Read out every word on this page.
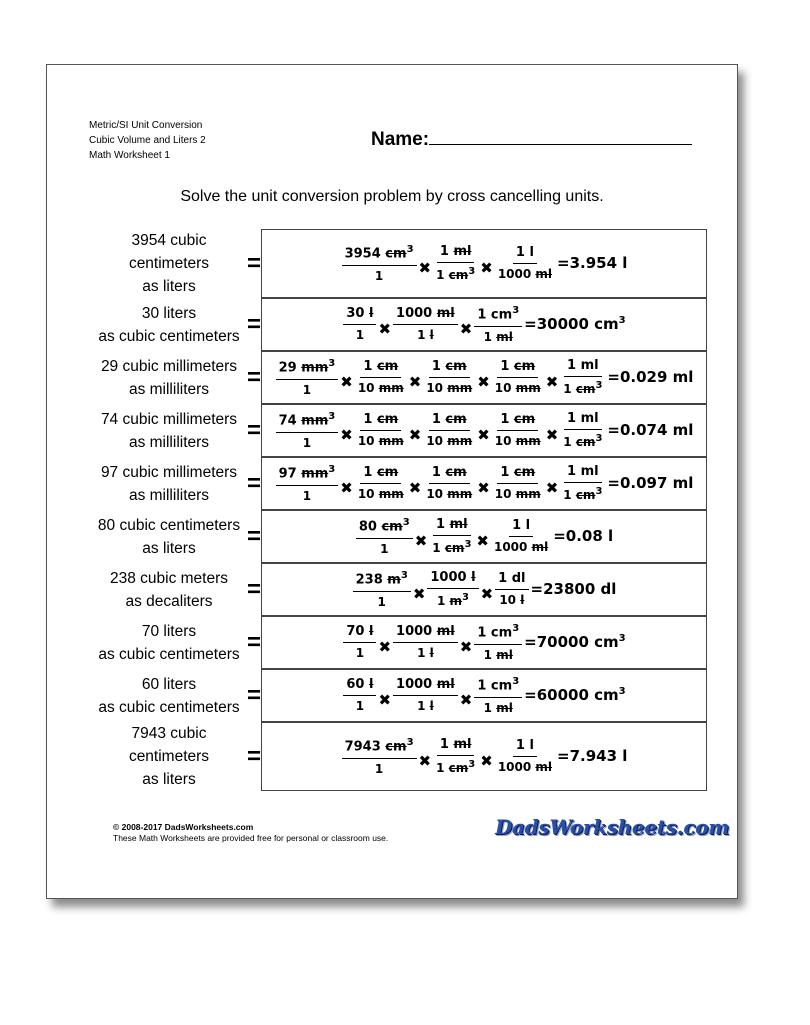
Metric/SI Unit Conversion
Cubic Volume and Liters 2
Math Worksheet 1
Name:
Solve the unit conversion problem by cross cancelling units.
3954 cubic
centimeters
as liters
=	$\frac{3954 cm^3}{1}$ ✖ $\frac{1 ml}{1 cm^3}$ ✖ $\frac{1 l}{1000 ml} =3.954$ l
30 liters
as cubic centimeters =	$\frac{30 l}{1}$ ✖ $\frac{1000 ml}{1 l}$ ✖ $\frac{1 cm^3}{1 ml} =30000$ $cm^3$
29 cubic millimeters
as milliliters =	$\frac{29 mm^3}{1}$ ✖ $\frac{1 cm}{10 mm}$ ✖ $\frac{1 cm}{10 mm}$ ✖ $\frac{1 cm}{10 mm}$ ✖ $\frac{1 ml}{1 cm^3} =0.029$ ml
74 cubic millimeters
as milliliters =	$\frac{74 mm^3}{1}$ ✖ $\frac{1 cm}{10 mm}$ ✖ $\frac{1 cm}{10 mm}$ ✖ $\frac{1 cm}{10 mm}$ ✖ $\frac{1 ml}{1 cm^3} =0.074$ ml
97 cubic millimeters
as milliliters =	$\frac{97 mm^3}{1}$ ✖ $\frac{1 cm}{10 mm}$ ✖ $\frac{1 cm}{10 mm}$ ✖ $\frac{1 cm}{10 mm}$ ✖ $\frac{1 ml}{1 cm^3} =0.097$ ml
80 cubic centimeters
as liters =	$\frac{80 cm^3}{1}$ ✖ $\frac{1 ml}{1 cm^3}$ ✖ $\frac{1 l}{1000 ml} =0.08$ l
238 cubic meters
as decaliters =	$\frac{238 m^3}{1}$ ✖ $\frac{1000 l}{1 m^3}$ ✖ $\frac{1 dl}{10 l} =23800$ dl
70 liters
as cubic centimeters =	$\frac{70 l}{1}$ ✖ $\frac{1000 ml}{1 l}$ ✖ $\frac{1 cm^3}{1 ml} =70000$ $cm^3$
60 liters
as cubic centimeters =	$\frac{60 l}{1}$ ✖ $\frac{1000 ml}{1 l}$ ✖ $\frac{1 cm^3}{1 ml} =60000$ $cm^3$
7943 cubic
centimeters
as liters
=	$\frac{7943 cm^3}{1}$ ✖ $\frac{1 ml}{1 cm^3}$ ✖ $\frac{1 l}{1000 ml} =7.943$ l
© 2008-2017 DadsWorksheets.com
These Math Worksheets are provided free for personal or classroom use.	DadsWorksheets.com
